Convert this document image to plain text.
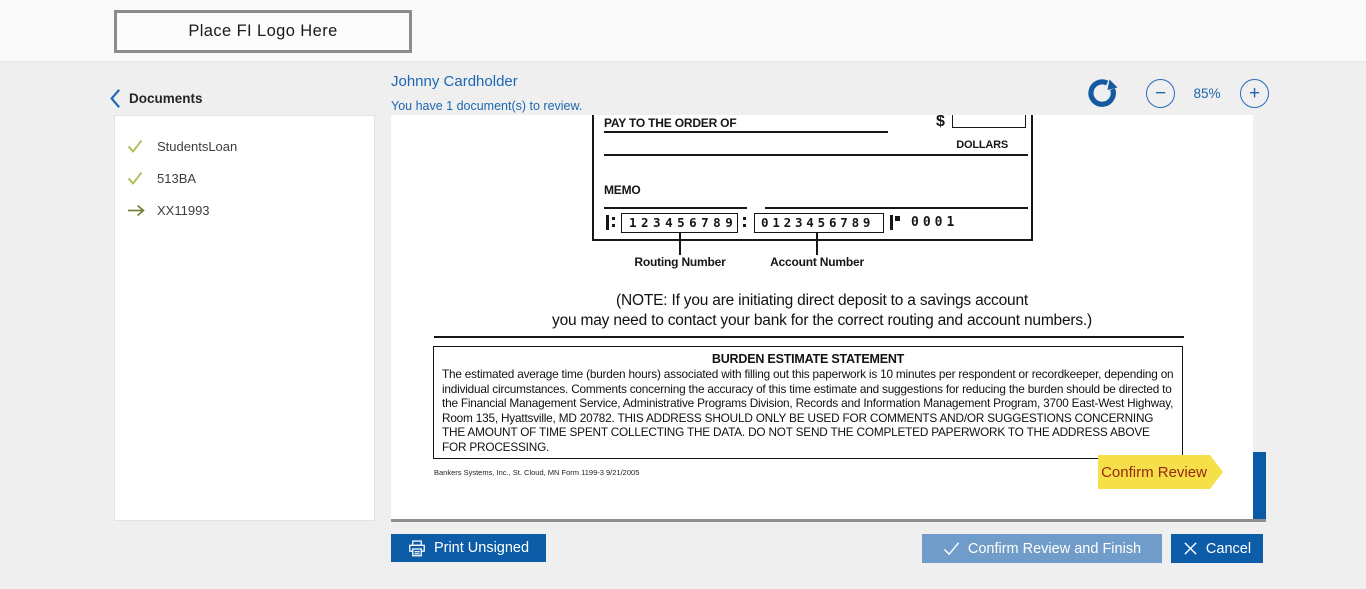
Place FI Logo Here
Documents
Johnny Cardholder
You have 1 document(s) to review.
−	85%	+
StudentsLoan
513BA
XX11993
PAY TO THE ORDER OF	$
DOLLARS
MEMO
123456789	0123456789	0001
Routing Number	Account Number
(NOTE: If you are initiating direct deposit to a savings account
you may need to contact your bank for the correct routing and account numbers.)
BURDEN ESTIMATE STATEMENT
The estimated average time (burden hours) associated with filling out this paperwork is 10 minutes per respondent or recordkeeper, depending on individual circumstances. Comments concerning the accuracy of this time estimate and suggestions for reducing the burden should be directed to the Financial Management Service, Administrative Programs Division, Records and Information Management Program, 3700 East-West Highway, Room 135, Hyattsville, MD 20782. THIS ADDRESS SHOULD ONLY BE USED FOR COMMENTS AND/OR SUGGESTIONS CONCERNING THE AMOUNT OF TIME SPENT COLLECTING THE DATA. DO NOT SEND THE COMPLETED PAPERWORK TO THE ADDRESS ABOVE FOR PROCESSING.
Bankers Systems, Inc., St. Cloud, MN Form 1199-3 9/21/2005	Confirm Review
Print Unsigned	Confirm Review and Finish	Cancel
